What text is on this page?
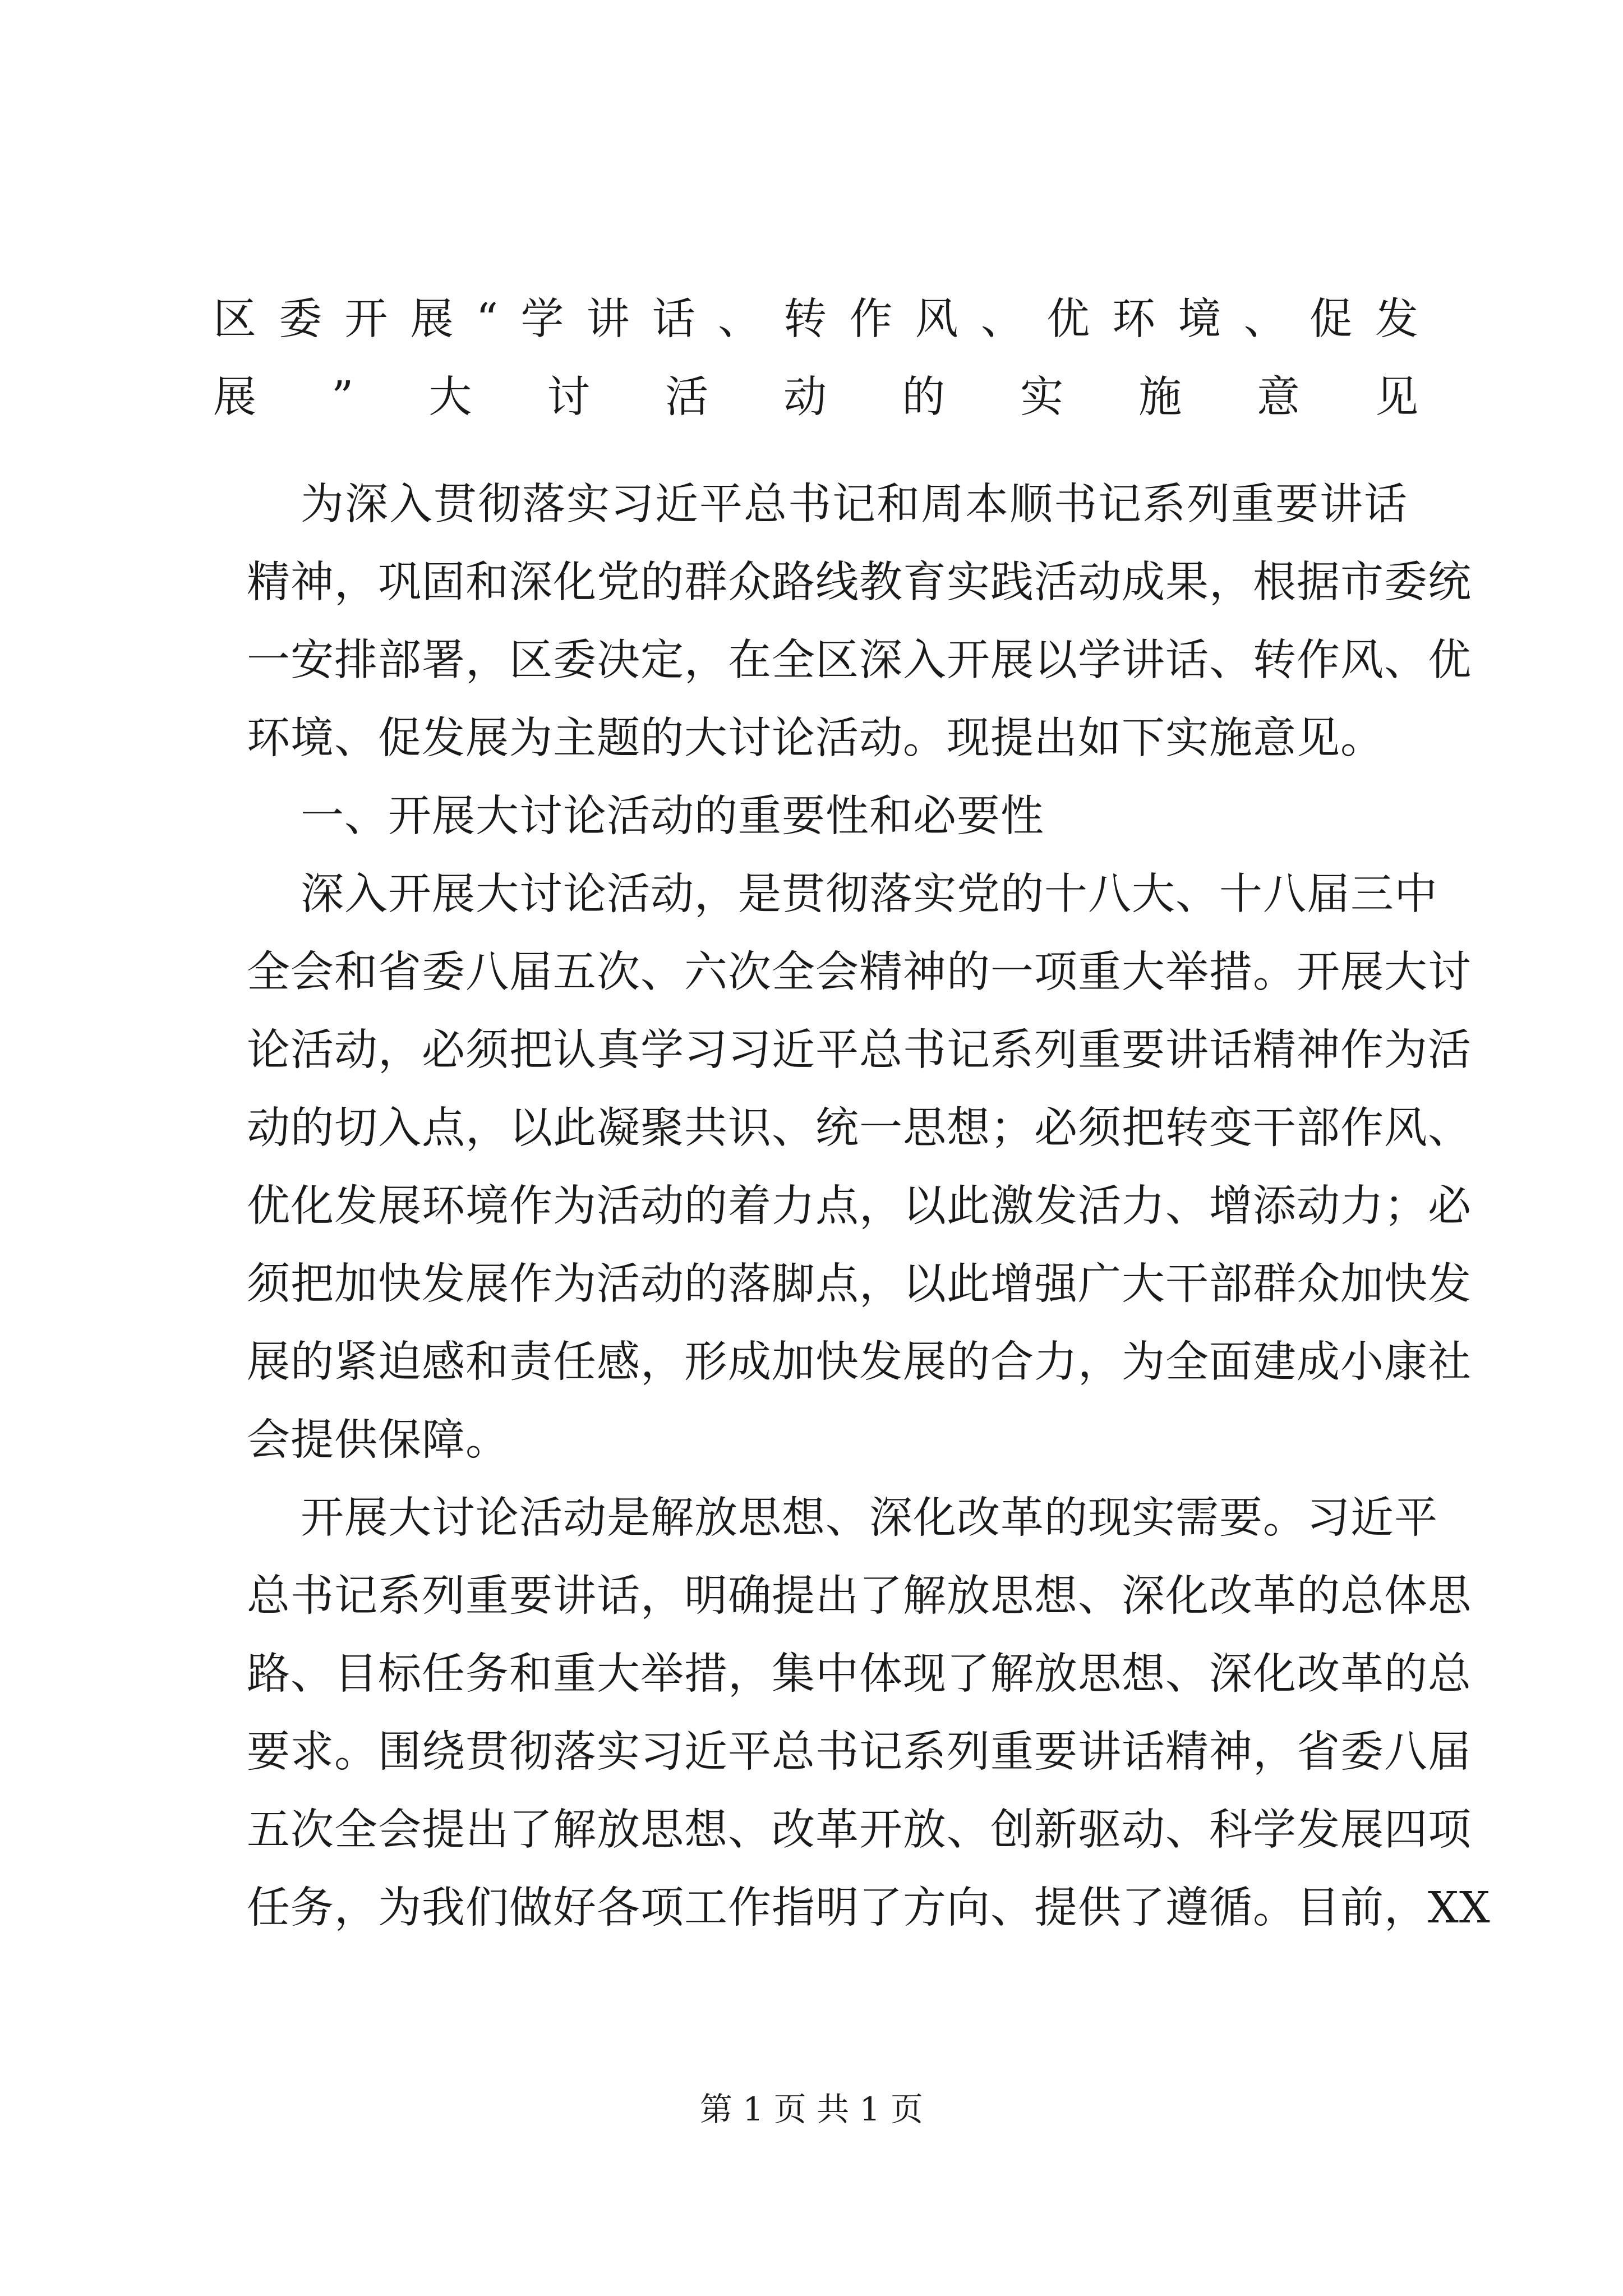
区委开展“学讲话、转作风、优环境、促发
展”大讨活动的实施意见
为深入贯彻落实习近平总书记和周本顺书记系列重要讲话
精神，巩固和深化党的群众路线教育实践活动成果，根据市委统
一安排部署，区委决定，在全区深入开展以学讲话、转作风、优
环境、促发展为主题的大讨论活动。现提出如下实施意见。
一、开展大讨论活动的重要性和必要性
深入开展大讨论活动，是贯彻落实党的十八大、十八届三中
全会和省委八届五次、六次全会精神的一项重大举措。开展大讨
论活动，必须把认真学习习近平总书记系列重要讲话精神作为活
动的切入点，以此凝聚共识、统一思想；必须把转变干部作风、
优化发展环境作为活动的着力点，以此激发活力、增添动力；必
须把加快发展作为活动的落脚点，以此增强广大干部群众加快发
展的紧迫感和责任感，形成加快发展的合力，为全面建成小康社
会提供保障。
开展大讨论活动是解放思想、深化改革的现实需要。习近平
总书记系列重要讲话，明确提出了解放思想、深化改革的总体思
路、目标任务和重大举措，集中体现了解放思想、深化改革的总
要求。围绕贯彻落实习近平总书记系列重要讲话精神，省委八届
五次全会提出了解放思想、改革开放、创新驱动、科学发展四项
任务，为我们做好各项工作指明了方向、提供了遵循。目前，XX
第 1 页 共 1 页
